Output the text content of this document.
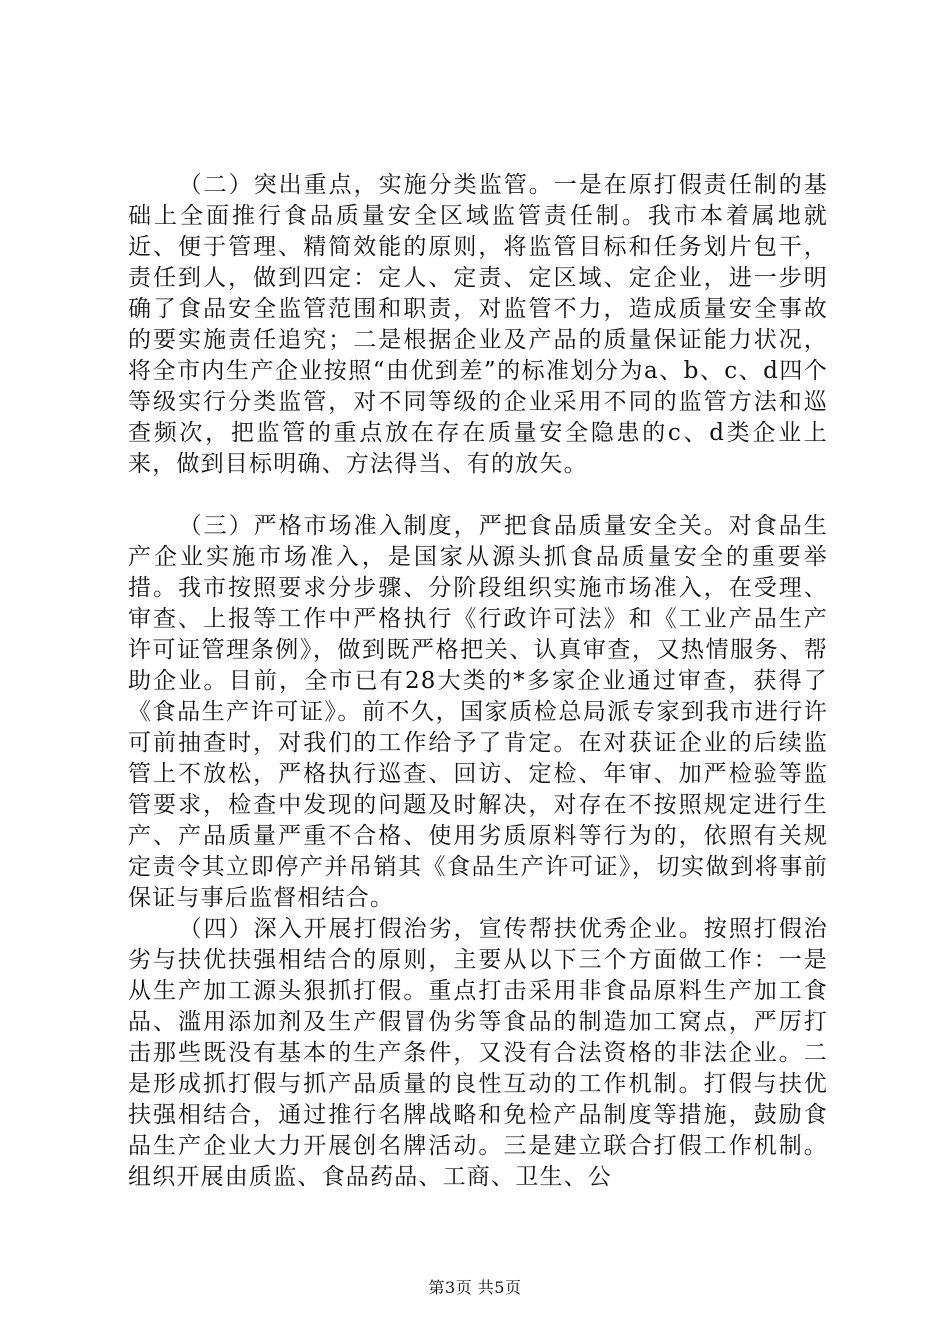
（二）突出重点，实施分类监管。一是在原打假责任制的基础上全面推行食品质量安全区域监管责任制。我市本着属地就近、便于管理、精简效能的原则，将监管目标和任务划片包干，责任到人，做到四定：定人、定责、定区域、定企业，进一步明确了食品安全监管范围和职责，对监管不力，造成质量安全事故的要实施责任追究；二是根据企业及产品的质量保证能力状况，将全市内生产企业按照“由优到差”的标准划分为a、b、c、d四个等级实行分类监管，对不同等级的企业采用不同的监管方法和巡查频次，把监管的重点放在存在质量安全隐患的c、d类企业上来，做到目标明确、方法得当、有的放矢。

（三）严格市场准入制度，严把食品质量安全关。对食品生产企业实施市场准入，是国家从源头抓食品质量安全的重要举措。我市按照要求分步骤、分阶段组织实施市场准入，在受理、审查、上报等工作中严格执行《行政许可法》和《工业产品生产许可证管理条例》，做到既严格把关、认真审查，又热情服务、帮助企业。目前，全市已有28大类的*多家企业通过审查，获得了《食品生产许可证》。前不久，国家质检总局派专家到我市进行许可前抽查时，对我们的工作给予了肯定。在对获证企业的后续监管上不放松，严格执行巡查、回访、定检、年审、加严检验等监管要求，检查中发现的问题及时解决，对存在不按照规定进行生产、产品质量严重不合格、使用劣质原料等行为的，依照有关规定责令其立即停产并吊销其《食品生产许可证》，切实做到将事前保证与事后监督相结合。

（四）深入开展打假治劣，宣传帮扶优秀企业。按照打假治劣与扶优扶强相结合的原则，主要从以下三个方面做工作：一是从生产加工源头狠抓打假。重点打击采用非食品原料生产加工食品、滥用添加剂及生产假冒伪劣等食品的制造加工窝点，严厉打击那些既没有基本的生产条件，又没有合法资格的非法企业。二是形成抓打假与抓产品质量的良性互动的工作机制。打假与扶优扶强相结合，通过推行名牌战略和免检产品制度等措施，鼓励食品生产企业大力开展创名牌活动。三是建立联合打假工作机制。组织开展由质监、食品药品、工商、卫生、公

第3页 共5页
